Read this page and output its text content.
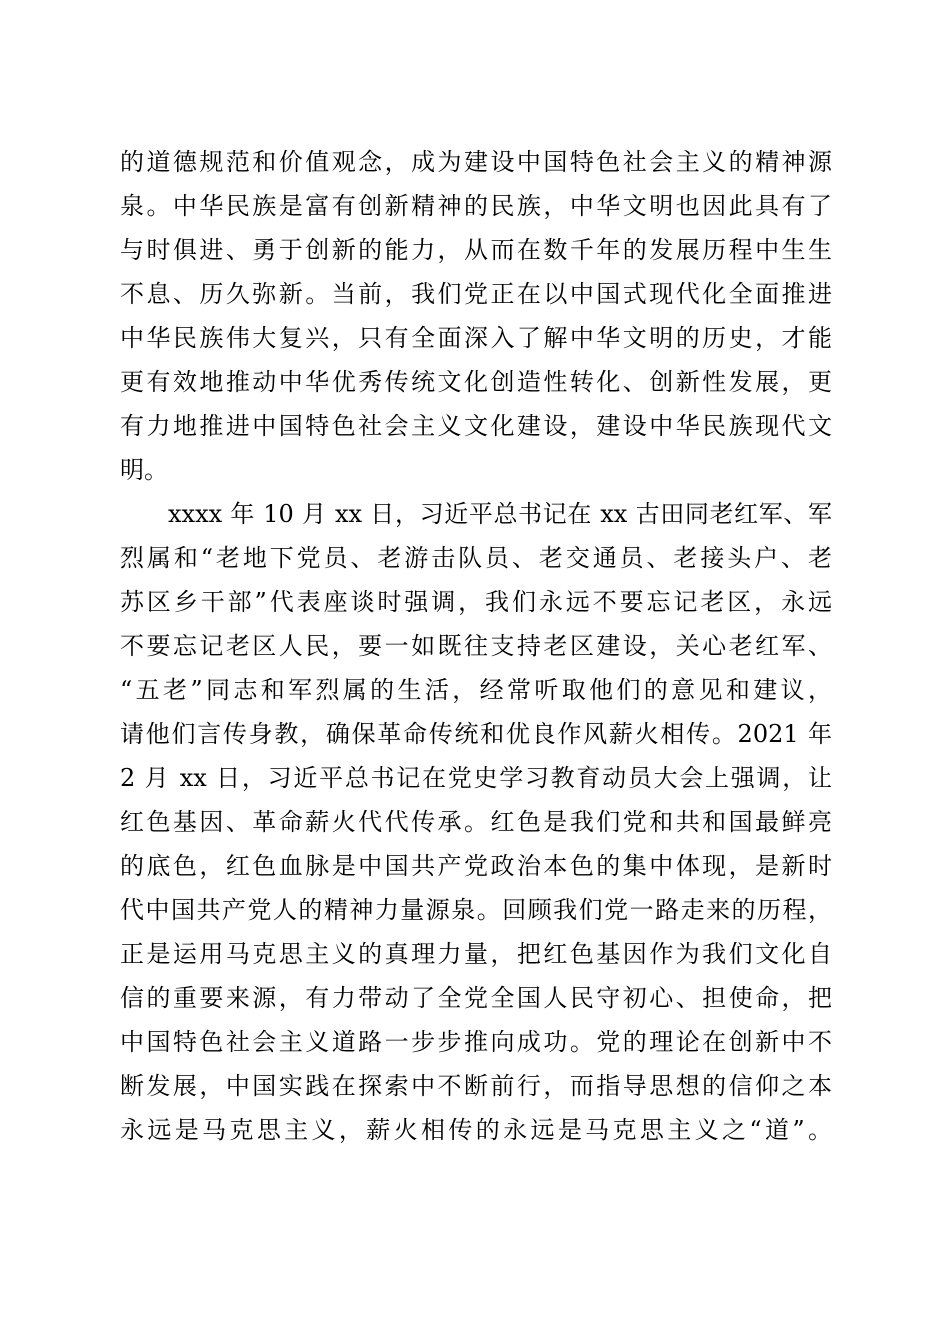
的道德规范和价值观念，成为建设中国特色社会主义的精神源
泉。中华民族是富有创新精神的民族，中华文明也因此具有了
与时俱进、勇于创新的能力，从而在数千年的发展历程中生生
不息、历久弥新。当前，我们党正在以中国式现代化全面推进
中华民族伟大复兴，只有全面深入了解中华文明的历史，才能
更有效地推动中华优秀传统文化创造性转化、创新性发展，更
有力地推进中国特色社会主义文化建设，建设中华民族现代文
明。
xxxx 年 10 月 xx 日，习近平总书记在 xx 古田同老红军、军
烈属和“老地下党员、老游击队员、老交通员、老接头户、老
苏区乡干部”代表座谈时强调，我们永远不要忘记老区，永远
不要忘记老区人民，要一如既往支持老区建设，关心老红军、
“五老”同志和军烈属的生活，经常听取他们的意见和建议，
请他们言传身教，确保革命传统和优良作风薪火相传。2021 年
2 月 xx 日，习近平总书记在党史学习教育动员大会上强调，让
红色基因、革命薪火代代传承。红色是我们党和共和国最鲜亮
的底色，红色血脉是中国共产党政治本色的集中体现，是新时
代中国共产党人的精神力量源泉。回顾我们党一路走来的历程，
正是运用马克思主义的真理力量，把红色基因作为我们文化自
信的重要来源，有力带动了全党全国人民守初心、担使命，把
中国特色社会主义道路一步步推向成功。党的理论在创新中不
断发展，中国实践在探索中不断前行，而指导思想的信仰之本
永远是马克思主义，薪火相传的永远是马克思主义之“道”。
